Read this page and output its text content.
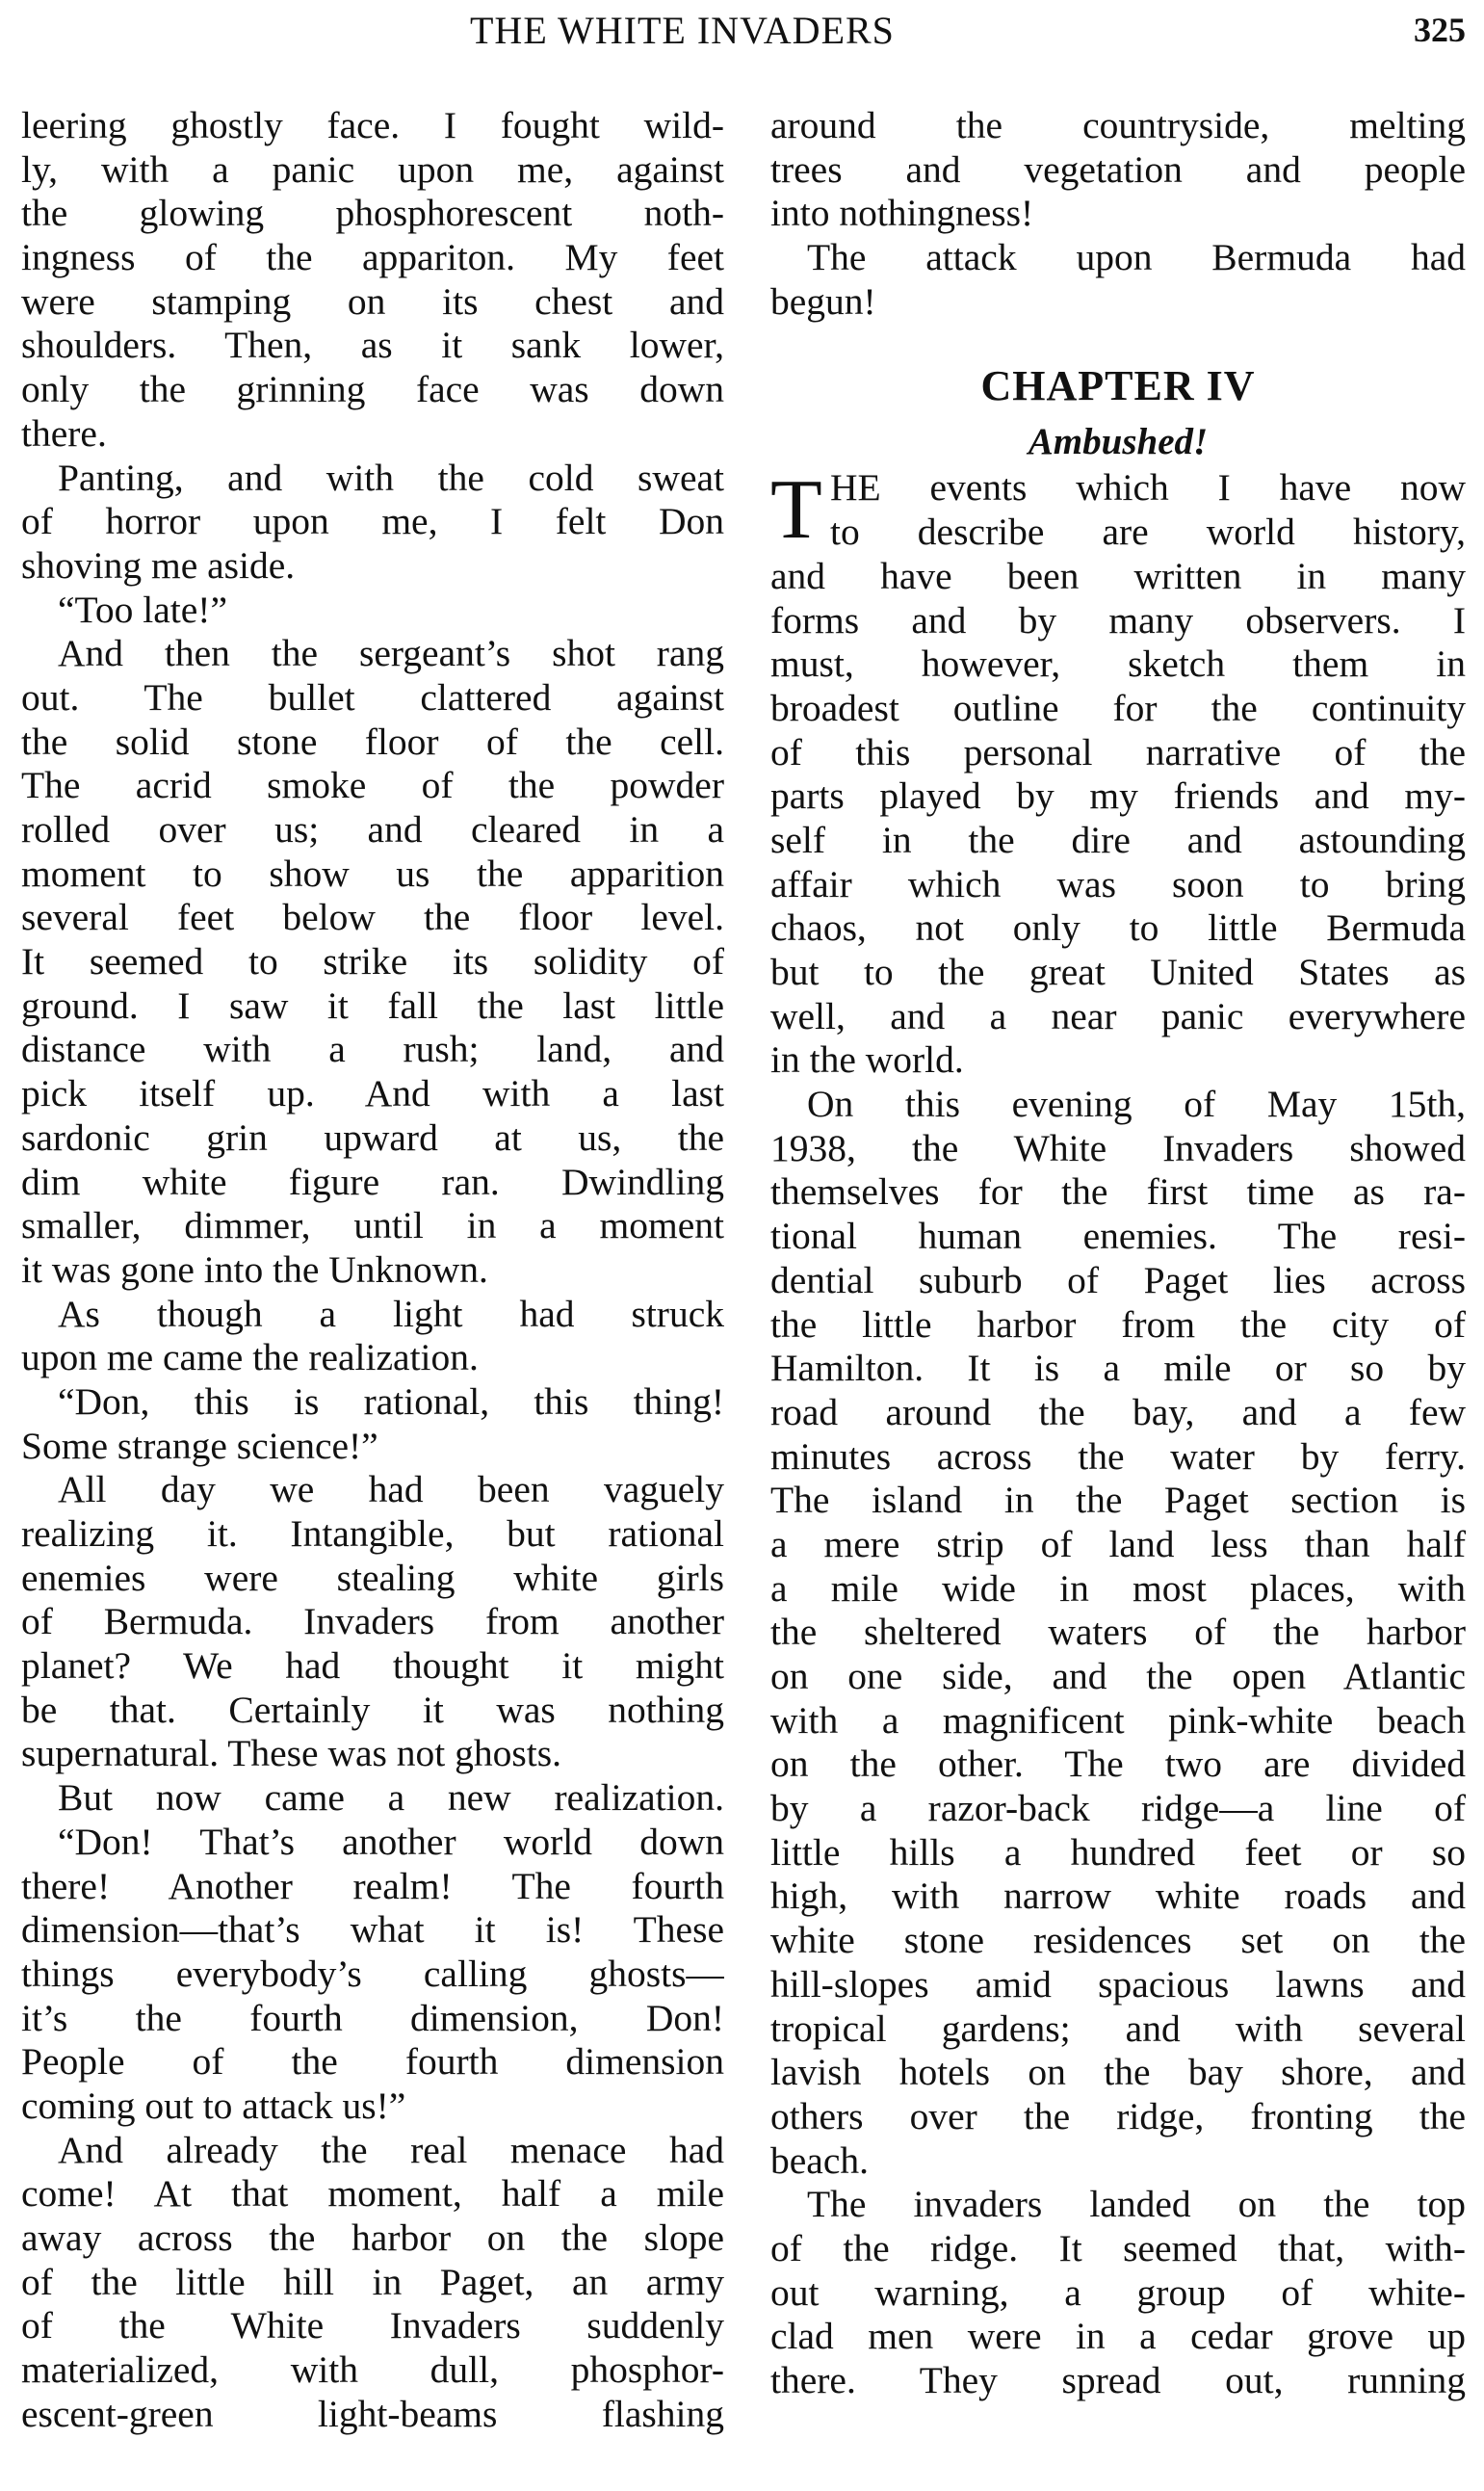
THE WHITE INVADERS	325
leering ghostly face. I fought wild-
ly, with a panic upon me, against
the glowing phosphorescent noth-
ingness of the appariton. My feet
were stamping on its chest and
shoulders. Then, as it sank lower,
only the grinning face was down
there.
Panting, and with the cold sweat
of horror upon me, I felt Don
shoving me aside.
“Too late!”
And then the sergeant’s shot rang
out. The bullet clattered against
the solid stone floor of the cell.
The acrid smoke of the powder
rolled over us; and cleared in a
moment to show us the apparition
several feet below the floor level.
It seemed to strike its solidity of
ground. I saw it fall the last little
distance with a rush; land, and
pick itself up. And with a last
sardonic grin upward at us, the
dim white figure ran. Dwindling
smaller, dimmer, until in a moment
it was gone into the Unknown.
As though a light had struck
upon me came the realization.
“Don, this is rational, this thing!
Some strange science!”
All day we had been vaguely
realizing it. Intangible, but rational
enemies were stealing white girls
of Bermuda. Invaders from another
planet? We had thought it might
be that. Certainly it was nothing
supernatural. These was not ghosts.
But now came a new realization.
“Don! That’s another world down
there! Another realm! The fourth
dimension—that’s what it is! These
things everybody’s calling ghosts—
it’s the fourth dimension, Don!
People of the fourth dimension
coming out to attack us!”
And already the real menace had
come! At that moment, half a mile
away across the harbor on the slope
of the little hill in Paget, an army
of the White Invaders suddenly
materialized, with dull, phosphor-
escent-green light-beams flashing
around the countryside, melting
trees and vegetation and people
into nothingness!
The attack upon Bermuda had
begun!
CHAPTER IV
Ambushed!
T HE events which I have now
to describe are world history,
and have been written in many
forms and by many observers. I
must, however, sketch them in
broadest outline for the continuity
of this personal narrative of the
parts played by my friends and my-
self in the dire and astounding
affair which was soon to bring
chaos, not only to little Bermuda
but to the great United States as
well, and a near panic everywhere
in the world.
On this evening of May 15th,
1938, the White Invaders showed
themselves for the first time as ra-
tional human enemies. The resi-
dential suburb of Paget lies across
the little harbor from the city of
Hamilton. It is a mile or so by
road around the bay, and a few
minutes across the water by ferry.
The island in the Paget section is
a mere strip of land less than half
a mile wide in most places, with
the sheltered waters of the harbor
on one side, and the open Atlantic
with a magnificent pink-white beach
on the other. The two are divided
by a razor-back ridge—a line of
little hills a hundred feet or so
high, with narrow white roads and
white stone residences set on the
hill-slopes amid spacious lawns and
tropical gardens; and with several
lavish hotels on the bay shore, and
others over the ridge, fronting the
beach.
The invaders landed on the top
of the ridge. It seemed that, with-
out warning, a group of white-
clad men were in a cedar grove up
there. They spread out, running
